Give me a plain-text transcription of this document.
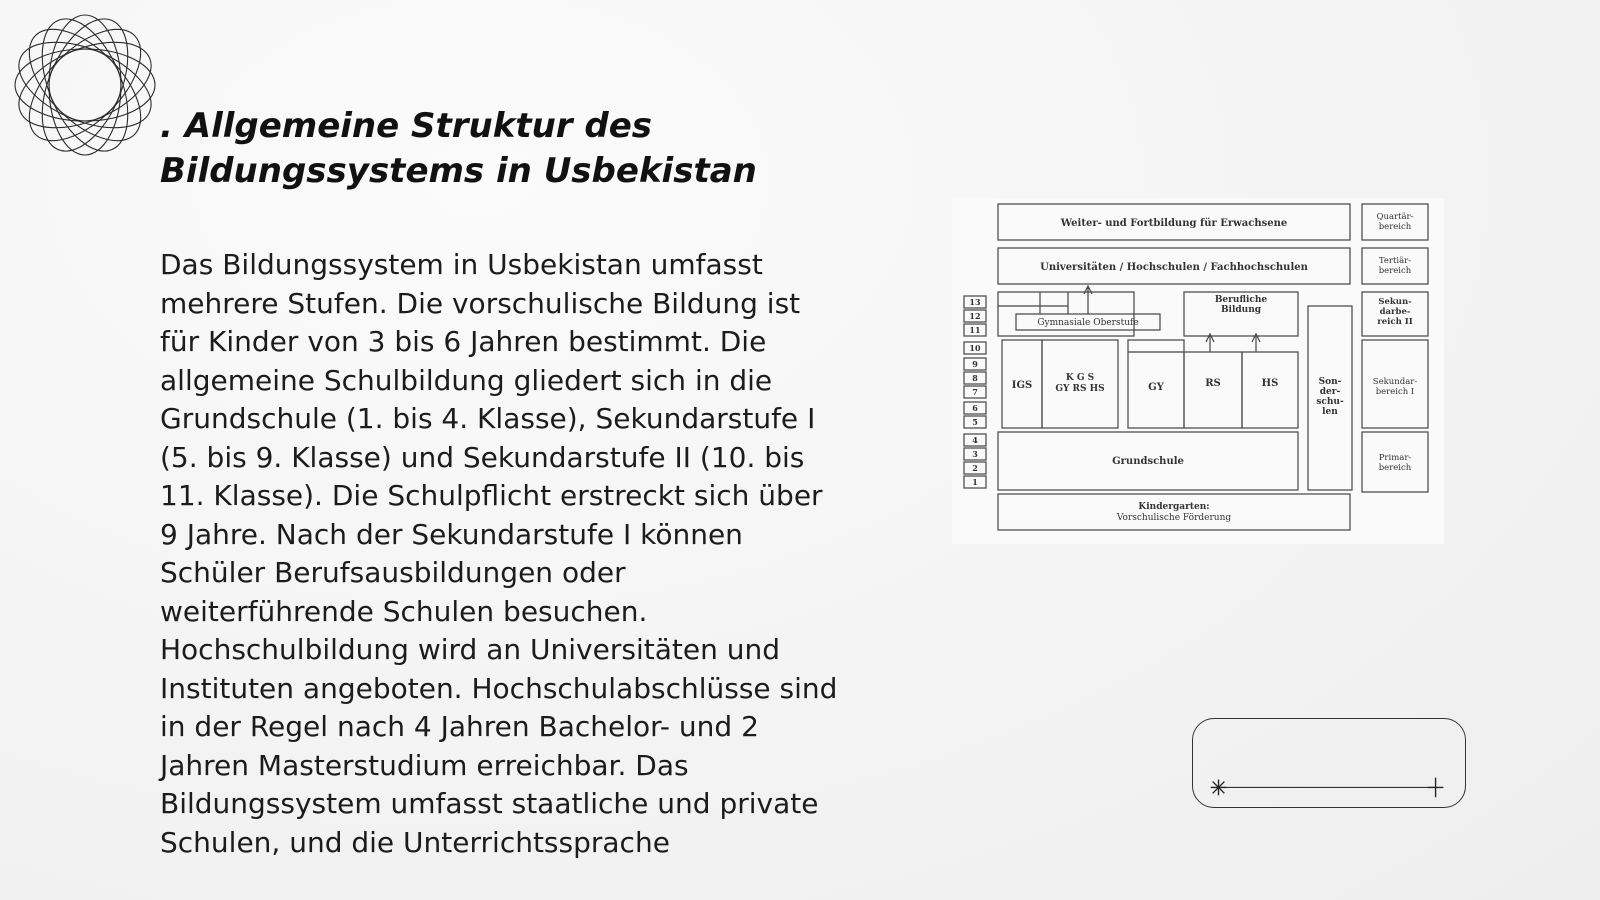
. Allgemeine Struktur des
Bildungssystems in Usbekistan

Das Bildungssystem in Usbekistan umfasst mehrere Stufen. Die vorschulische Bildung ist für Kinder von 3 bis 6 Jahren bestimmt. Die allgemeine Schulbildung gliedert sich in die Grundschule (1. bis 4. Klasse), Sekundarstufe I (5. bis 9. Klasse) und Sekundarstufe II (10. bis 11. Klasse). Die Schulpflicht erstreckt sich über 9 Jahre. Nach der Sekundarstufe I können Schüler Berufsausbildungen oder weiterführende Schulen besuchen. Hochschulbildung wird an Universitäten und Instituten angeboten. Hochschulabschlüsse sind in der Regel nach 4 Jahren Bachelor- und 2 Jahren Masterstudium erreichbar. Das Bildungssystem umfasst staatliche und private Schulen, und die Unterrichtssprache

Weiter- und Fortbildung für Erwachsene
Universitäten / Hochschulen / Fachhochschulen
Gymnasiale Oberstufe
Berufliche
Bildung
IGS
K G S
GY RS HS	GY	RS	HS	Son-
der-
schu-
len
Grundschule
Kindergarten:
Vorschulische Förderung
Quartär-
bereich
Tertiär-
bereich
Sekun-
darbe-
reich II
Sekundar-
bereich I
Primar-
bereich
13
12
11
10
9
8
7
6
5
4
3
2
1
